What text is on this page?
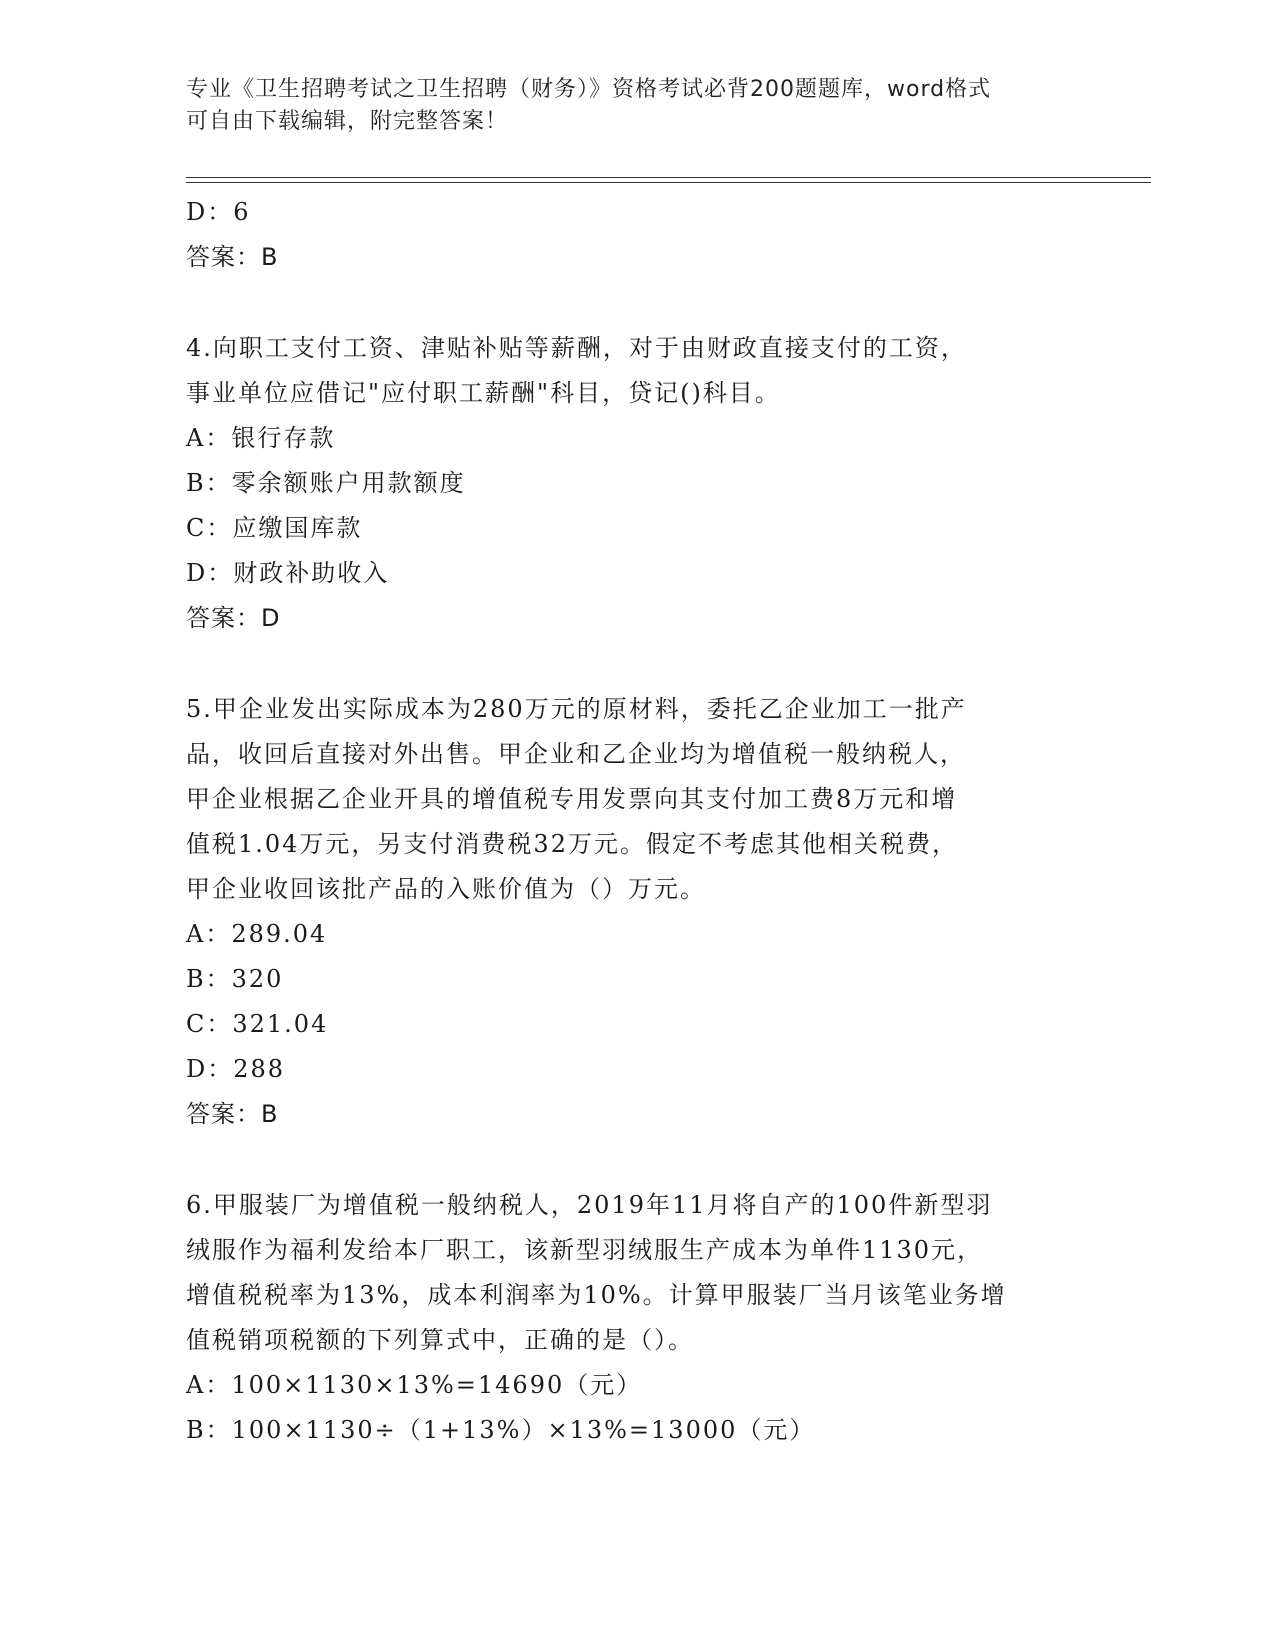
专业《卫生招聘考试之卫生招聘（财务）》资格考试必背200题题库，word格式
可自由下载编辑，附完整答案！
D：6
答案：B
4.向职工支付工资、津贴补贴等薪酬，对于由财政直接支付的工资，
事业单位应借记"应付职工薪酬"科目，贷记()科目。
A：银行存款
B：零余额账户用款额度
C：应缴国库款
D：财政补助收入
答案：D
5.甲企业发出实际成本为280万元的原材料，委托乙企业加工一批产
品，收回后直接对外出售。甲企业和乙企业均为增值税一般纳税人，
甲企业根据乙企业开具的增值税专用发票向其支付加工费8万元和增
值税1.04万元，另支付消费税32万元。假定不考虑其他相关税费，
甲企业收回该批产品的入账价值为（）万元。
A：289.04
B：320
C：321.04
D：288
答案：B
6.甲服装厂为增值税一般纳税人，2019年11月将自产的100件新型羽
绒服作为福利发给本厂职工，该新型羽绒服生产成本为单件1130元，
增值税税率为13%，成本利润率为10%。计算甲服装厂当月该笔业务增
值税销项税额的下列算式中，正确的是（）。
A：100×1130×13%=14690（元）
B：100×1130÷（1+13%）×13%=13000（元）
